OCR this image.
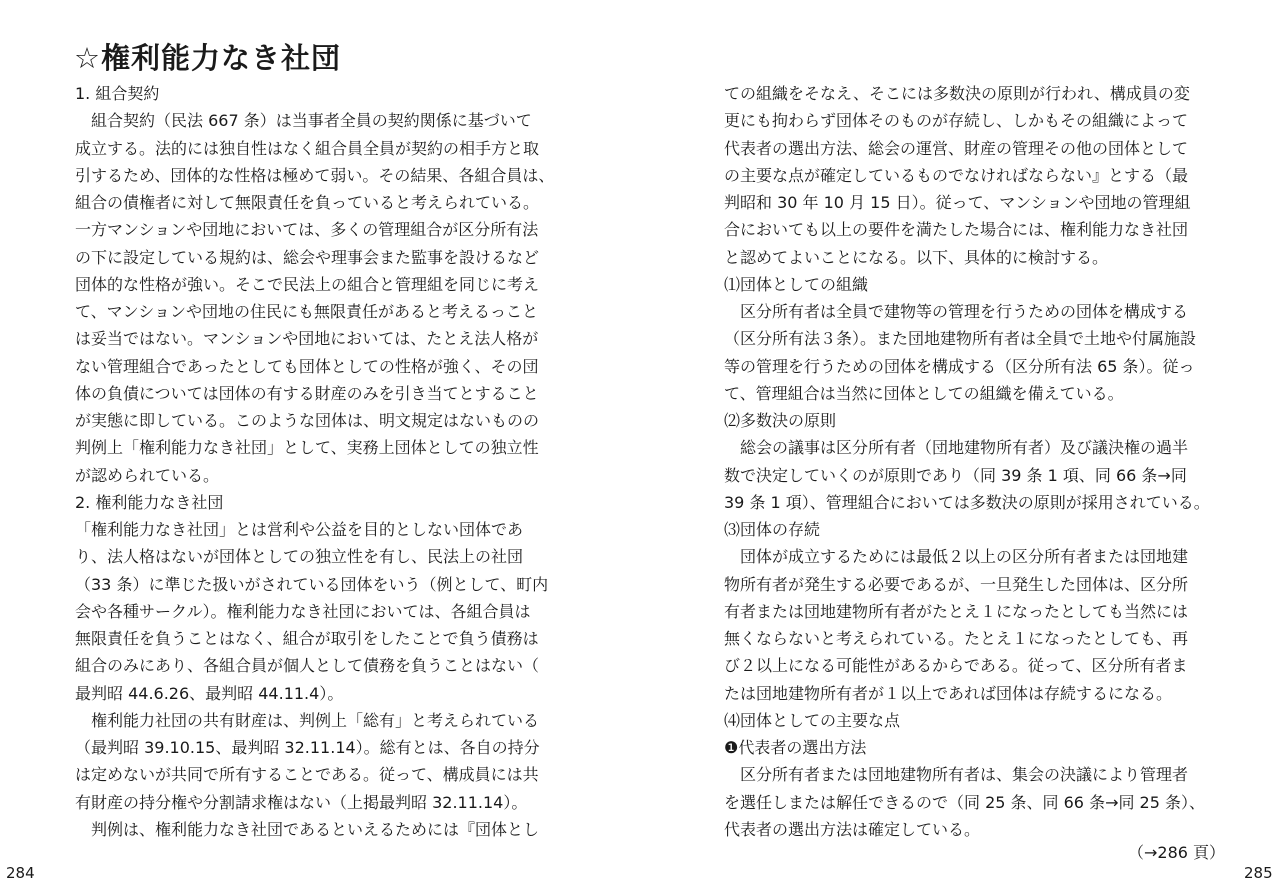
☆権利能力なき社団
1. 組合契約
　組合契約（民法 667 条）は当事者全員の契約関係に基づいて
成立する。法的には独自性はなく組合員全員が契約の相手方と取
引するため、団体的な性格は極めて弱い。その結果、各組合員は、
組合の債権者に対して無限責任を負っていると考えられている。
一方マンションや団地においては、多くの管理組合が区分所有法
の下に設定している規約は、総会や理事会また監事を設けるなど
団体的な性格が強い。そこで民法上の組合と管理組を同じに考え
て、マンションや団地の住民にも無限責任があると考えるっこと
は妥当ではない。マンションや団地においては、たとえ法人格が
ない管理組合であったとしても団体としての性格が強く、その団
体の負債については団体の有する財産のみを引き当てとすること
が実態に即している。このような団体は、明文規定はないものの
判例上「権利能力なき社団」として、実務上団体としての独立性
が認められている。
2. 権利能力なき社団
「権利能力なき社団」とは営利や公益を目的としない団体であ
り、法人格はないが団体としての独立性を有し、民法上の社団
（33 条）に準じた扱いがされている団体をいう（例として、町内
会や各種サークル）。権利能力なき社団においては、各組合員は
無限責任を負うことはなく、組合が取引をしたことで負う債務は
組合のみにあり、各組合員が個人として債務を負うことはない（
最判昭 44.6.26、最判昭 44.11.4）。
　権利能力社団の共有財産は、判例上「総有」と考えられている
（最判昭 39.10.15、最判昭 32.11.14）。総有とは、各自の持分
は定めないが共同で所有することである。従って、構成員には共
有財産の持分権や分割請求権はない（上掲最判昭 32.11.14）。
　判例は、権利能力なき社団であるといえるためには『団体とし
284
ての組織をそなえ、そこには多数決の原則が行われ、構成員の変
更にも拘わらず団体そのものが存続し、しかもその組織によって
代表者の選出方法、総会の運営、財産の管理その他の団体として
の主要な点が確定しているものでなければならない』とする（最
判昭和 30 年 10 月 15 日）。従って、マンションや団地の管理組
合においても以上の要件を満たした場合には、権利能力なき社団
と認めてよいことになる。以下、具体的に検討する。
⑴団体としての組織
　区分所有者は全員で建物等の管理を行うための団体を構成する
（区分所有法３条）。また団地建物所有者は全員で土地や付属施設
等の管理を行うための団体を構成する（区分所有法 65 条）。従っ
て、管理組合は当然に団体としての組織を備えている。
⑵多数決の原則
　総会の議事は区分所有者（団地建物所有者）及び議決権の過半
数で決定していくのが原則であり（同 39 条 1 項、同 66 条→同
39 条 1 項）、管理組合においては多数決の原則が採用されている。
⑶団体の存続
　団体が成立するためには最低２以上の区分所有者または団地建
物所有者が発生する必要であるが、一旦発生した団体は、区分所
有者または団地建物所有者がたとえ１になったとしても当然には
無くならないと考えられている。たとえ１になったとしても、再
び２以上になる可能性があるからである。従って、区分所有者ま
たは団地建物所有者が１以上であれば団体は存続するになる。
⑷団体としての主要な点
❶代表者の選出方法
　区分所有者または団地建物所有者は、集会の決議により管理者
を選任しまたは解任できるので（同 25 条、同 66 条→同 25 条）、
代表者の選出方法は確定している。
（→286 頁）
285
